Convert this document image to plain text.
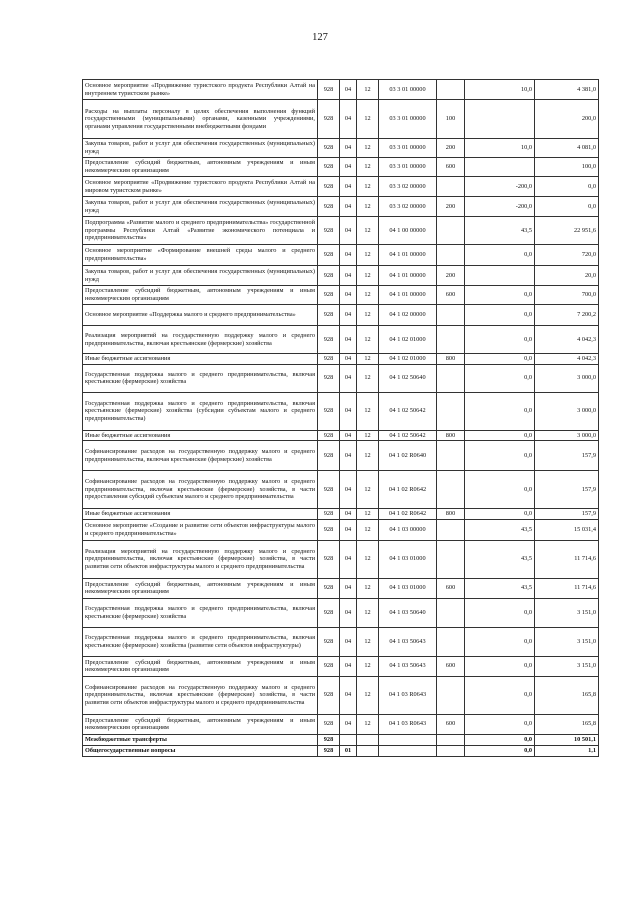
127
Основное мероприятие «Продвижение туристского продукта Республики Алтай на внутреннем туристском рынке»	928	04	12	03 3 01 00000		10,0	4 381,0
Расходы на выплаты персоналу в целях обеспечения выполнения функций государственными (муниципальными) органами, казенными учреждениями, органами управления государственными внебюджетными фондами	928	04	12	03 3 01 00000	100		200,0
Закупка товаров, работ и услуг для обеспечения государственных (муниципальных) нужд	928	04	12	03 3 01 00000	200	10,0	4 081,0
Предоставление субсидий бюджетным, автономным учреждениям и иным некоммерческим организациям	928	04	12	03 3 01 00000	600		100,0
Основное мероприятие «Продвижение туристского продукта Республики Алтай на мировом туристском рынке»	928	04	12	03 3 02 00000		-200,0	0,0
Закупка товаров, работ и услуг для обеспечения государственных (муниципальных) нужд	928	04	12	03 3 02 00000	200	-200,0	0,0
Подпрограмма «Развитие малого и среднего предпринимательства» государственной программы Республики Алтай «Развитие экономического потенциала и предпринимательства»	928	04	12	04 1 00 00000		43,5	22 951,6
Основное мероприятие «Формирование внешней среды малого и среднего предпринимательства»	928	04	12	04 1 01 00000		0,0	720,0
Закупка товаров, работ и услуг для обеспечения государственных (муниципальных) нужд	928	04	12	04 1 01 00000	200		20,0
Предоставление субсидий бюджетным, автономным учреждениям и иным некоммерческим организациям	928	04	12	04 1 01 00000	600	0,0	700,0
Основное мероприятие «Поддержка малого и среднего предпринимательства»	928	04	12	04 1 02 00000		0,0	7 200,2
Реализация мероприятий на государственную поддержку малого и среднего предпринимательства, включая крестьянские (фермерские) хозяйства	928	04	12	04 1 02 01000		0,0	4 042,3
Иные бюджетные ассигнования	928	04	12	04 1 02 01000	800	0,0	4 042,3
Государственная поддержка малого и среднего предпринимательства, включая крестьянские (фермерские) хозяйства	928	04	12	04 1 02 50640		0,0	3 000,0
Государственная поддержка малого и среднего предпринимательства, включая крестьянские (фермерские) хозяйства (субсидии субъектам малого и среднего предпринимательства)	928	04	12	04 1 02 50642		0,0	3 000,0
Иные бюджетные ассигнования	928	04	12	04 1 02 50642	800	0,0	3 000,0
Софинансирование расходов на государственную поддержку малого и среднего предпринимательства, включая крестьянские (фермерские) хозяйства	928	04	12	04 1 02 R0640		0,0	157,9
Софинансирование расходов на государственную поддержку малого и среднего предпринимательства, включая крестьянские (фермерские) хозяйства, в части предоставления субсидий субъектам малого и среднего предпринимательства	928	04	12	04 1 02 R0642		0,0	157,9
Иные бюджетные ассигнования	928	04	12	04 1 02 R0642	800	0,0	157,9
Основное мероприятие «Создание и развитие сети объектов инфраструктуры малого и среднего предпринимательства»	928	04	12	04 1 03 00000		43,5	15 031,4
Реализация мероприятий на государственную поддержку малого и среднего предпринимательства, включая крестьянские (фермерские) хозяйства, в части развития сети объектов инфраструктуры малого и среднего предпринимательства	928	04	12	04 1 03 01000		43,5	11 714,6
Предоставление субсидий бюджетным, автономным учреждениям и иным некоммерческим организациям	928	04	12	04 1 03 01000	600	43,5	11 714,6
Государственная поддержка малого и среднего предпринимательства, включая крестьянские (фермерские) хозяйства	928	04	12	04 1 03 50640		0,0	3 151,0
Государственная поддержка малого и среднего предпринимательства, включая крестьянские (фермерские) хозяйства (развитие сети объектов инфраструктуры)	928	04	12	04 1 03 50643		0,0	3 151,0
Предоставление субсидий бюджетным, автономным учреждениям и иным некоммерческим организациям	928	04	12	04 1 03 50643	600	0,0	3 151,0
Софинансирование расходов на государственную поддержку малого и среднего предпринимательства, включая крестьянские (фермерские) хозяйства, в части развития сети объектов инфраструктуры малого и среднего предпринимательства	928	04	12	04 1 03 R0643		0,0	165,8
Предоставление субсидий бюджетным, автономным учреждениям и иным некоммерческим организациям	928	04	12	04 1 03 R0643	600	0,0	165,8
Межбюджетные трансферты	928					0,0	10 501,1
Общегосударственные вопросы	928	01				0,0	1,1
